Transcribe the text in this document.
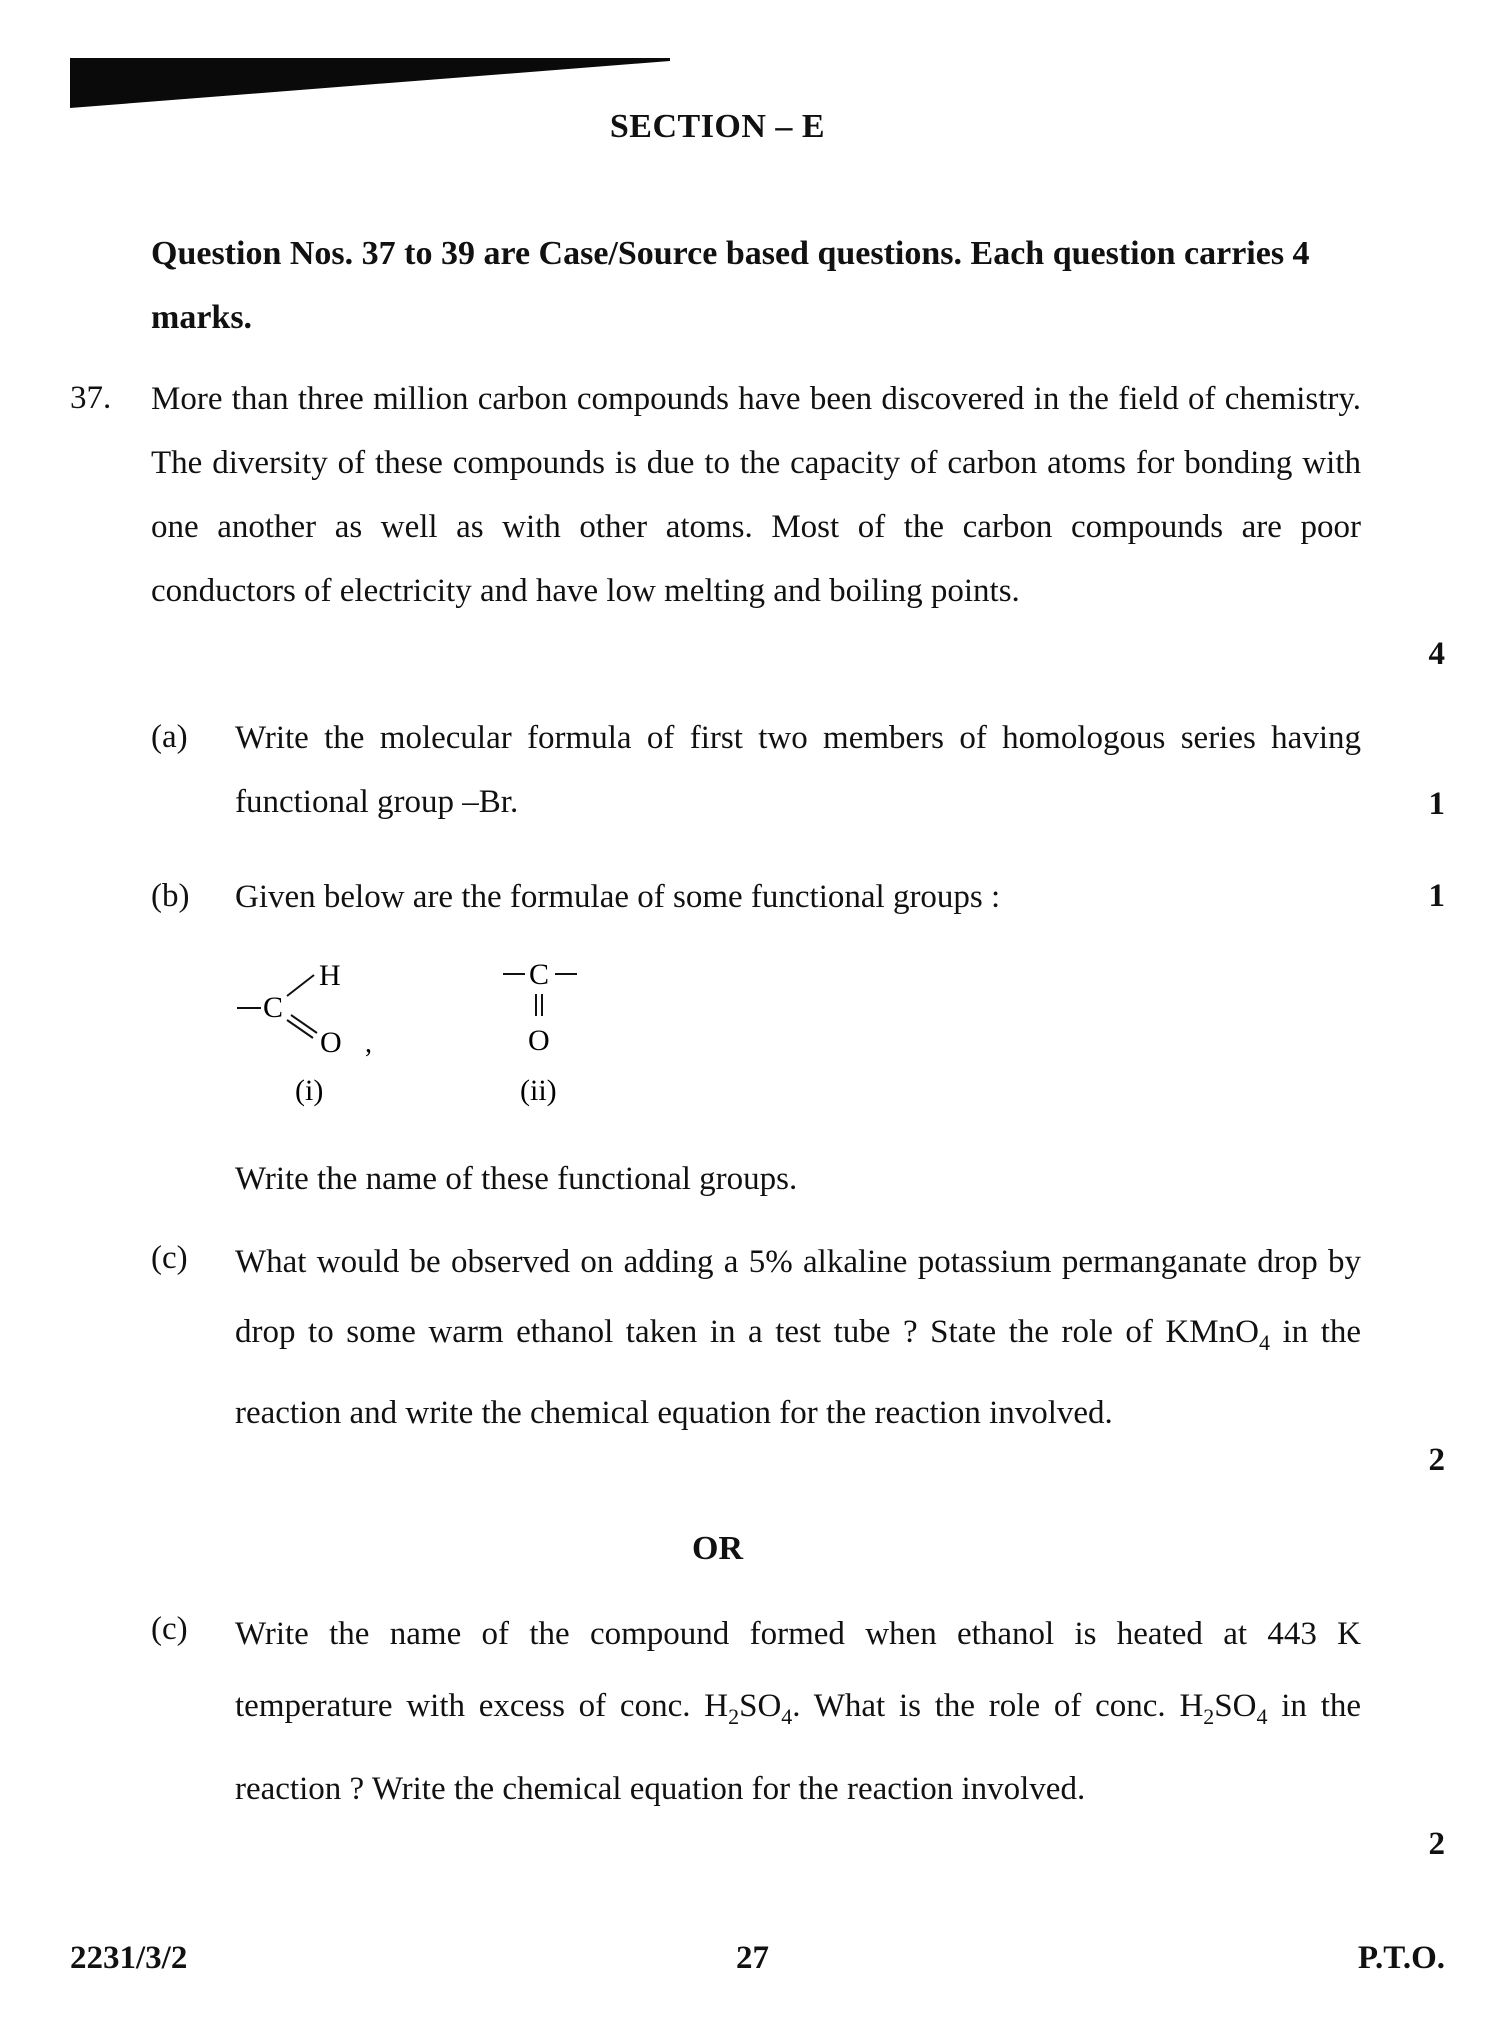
SECTION – E
Question Nos. 37 to 39 are Case/Source based questions. Each question carries 4 marks.
37. More than three million carbon compounds have been discovered in the field of chemistry. The diversity of these compounds is due to the capacity of carbon atoms for bonding with one another as well as with other atoms. Most of the carbon compounds are poor conductors of electricity and have low melting and boiling points.
4
(a) Write the molecular formula of first two members of homologous series having functional group –Br.	1
(b) Given below are the formulae of some functional groups :	1
C
H
O ,
(i)
C
O
(ii)
Write the name of these functional groups.
(c) What would be observed on adding a 5% alkaline potassium permanganate drop by drop to some warm ethanol taken in a test tube ? State the role of KMnO$_4$ in the reaction and write the chemical equation for the reaction involved.
2
OR
(c) Write the name of the compound formed when ethanol is heated at 443 K temperature with excess of conc. $H_2SO_4$. What is the role of conc. $H_2SO_4$ in the reaction ? Write the chemical equation for the reaction involved.
2
2231/3/2	27	P.T.O.
